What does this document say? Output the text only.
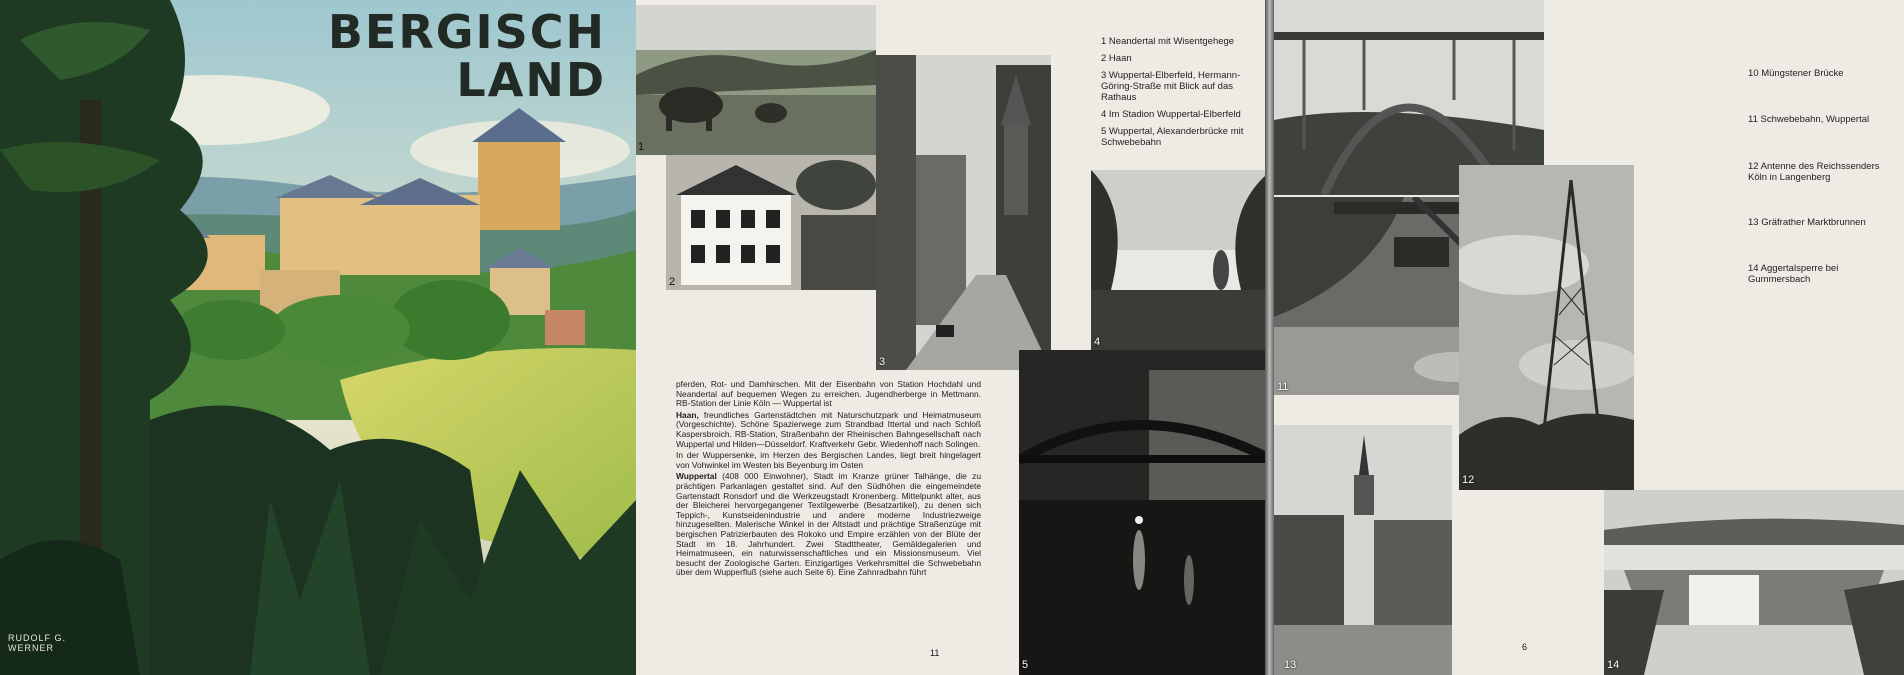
BERGISCH
LAND
RUDOLF G.
WERNER
1
2
3
1 Neandertal mit Wisentgehege
2 Haan
3 Wuppertal-Elberfeld, Hermann-Göring-Straße mit Blick auf das Rathaus
4 Im Stadion Wuppertal-Elberfeld
5 Wuppertal, Alexanderbrücke mit Schwebebahn
4

pferden, Rot- und Damhirschen. Mit der Eisenbahn von Station Hochdahl und Neandertal auf bequemen Wegen zu erreichen. Jugendherberge in Mettmann. RB-Station der Linie Köln — Wuppertal ist

Haan, freundliches Gartenstädtchen mit Naturschutzpark und Heimatmuseum (Vorgeschichte). Schöne Spazierwege zum Strandbad Ittertal und nach Schloß Kaspersbroich. RB-Station, Straßenbahn der Rheinischen Bahngesellschaft nach Wuppertal und Hilden—Düsseldorf. Kraftverkehr Gebr. Wiedenhoff nach Solingen.

In der Wuppersenke, im Herzen des Bergischen Landes, liegt breit hingelagert von Vohwinkel im Westen bis Beyenburg im Osten

Wuppertal (408 000 Einwohner), Stadt im Kranze grüner Talhänge, die zu prächtigen Parkanlagen gestaltet sind. Auf den Südhöhen die eingemeindete Gartenstadt Ronsdorf und die Werkzeugstadt Kronenberg. Mittelpunkt alter, aus der Bleicherei hervorgegangener Textilgewerbe (Besatzartikel), zu denen sich Teppich-, Kunstseidenindustrie und andere moderne Industriezweige hinzugesellten. Malerische Winkel in der Altstadt und prächtige Straßenzüge mit bergischen Patrizierbauten des Rokoko und Empire erzählen von der Blüte der Stadt im 18. Jahrhundert. Zwei Stadttheater, Gemäldegalerien und Heimatmuseen, ein naturwissenschaftliches und ein Missionsmuseum. Viel besucht der Zoologische Garten. Einzigartiges Verkehrsmittel die Schwebebahn über dem Wupperfluß (siehe auch Seite 6). Eine Zahnradbahn führt

5
11
11
12
13	14
10 Müngstener Brücke
11 Schwebebahn, Wuppertal
12 Antenne des Reichssenders Köln in Langenberg
13 Gräfrather Marktbrunnen
14 Aggertalsperre bei Gummersbach
6
